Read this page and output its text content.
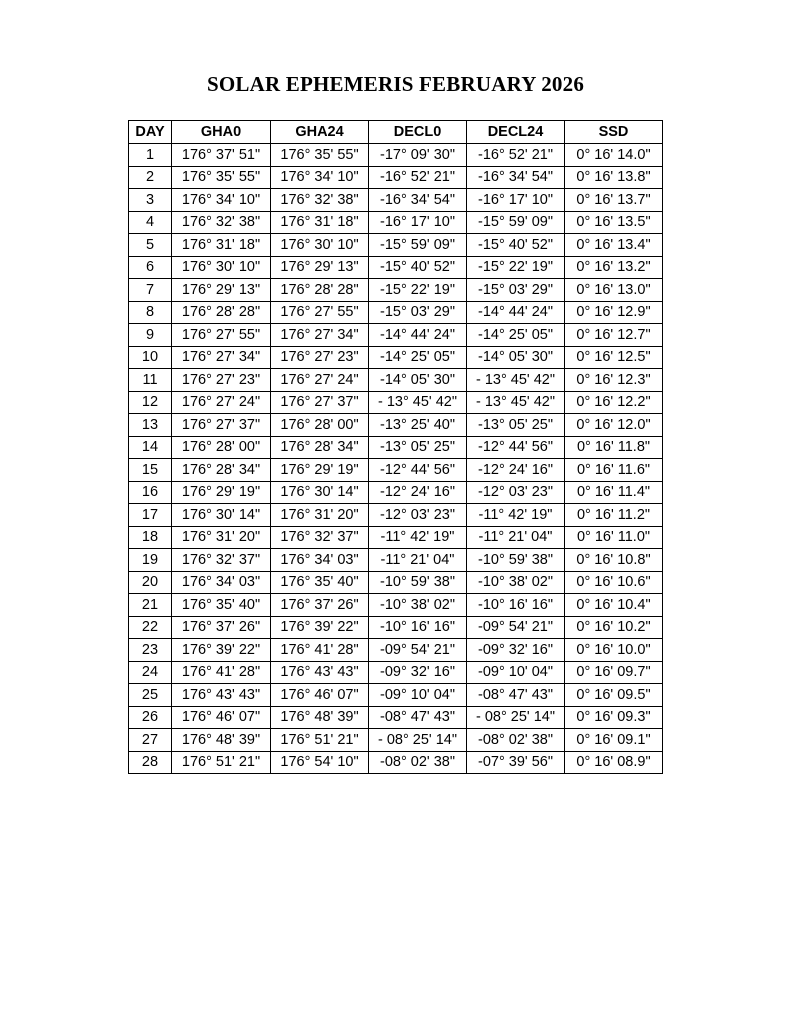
SOLAR EPHEMERIS FEBRUARY 2026
DAY	GHA0	GHA24	DECL0	DECL24	SSD
1	176° 37' 51"	176° 35' 55"	-17° 09' 30"	-16° 52' 21"	0° 16' 14.0"
2	176° 35' 55"	176° 34' 10"	-16° 52' 21"	-16° 34' 54"	0° 16' 13.8"
3	176° 34' 10"	176° 32' 38"	-16° 34' 54"	-16° 17' 10"	0° 16' 13.7"
4	176° 32' 38"	176° 31' 18"	-16° 17' 10"	-15° 59' 09"	0° 16' 13.5"
5	176° 31' 18"	176° 30' 10"	-15° 59' 09"	-15° 40' 52"	0° 16' 13.4"
6	176° 30' 10"	176° 29' 13"	-15° 40' 52"	-15° 22' 19"	0° 16' 13.2"
7	176° 29' 13"	176° 28' 28"	-15° 22' 19"	-15° 03' 29"	0° 16' 13.0"
8	176° 28' 28"	176° 27' 55"	-15° 03' 29"	-14° 44' 24"	0° 16' 12.9"
9	176° 27' 55"	176° 27' 34"	-14° 44' 24"	-14° 25' 05"	0° 16' 12.7"
10	176° 27' 34"	176° 27' 23"	-14° 25' 05"	-14° 05' 30"	0° 16' 12.5"
11	176° 27' 23"	176° 27' 24"	-14° 05' 30"	- 13° 45' 42"	0° 16' 12.3"
12	176° 27' 24"	176° 27' 37"	- 13° 45' 42"	- 13° 45' 42"	0° 16' 12.2"
13	176° 27' 37"	176° 28' 00"	-13° 25' 40"	-13° 05' 25"	0° 16' 12.0"
14	176° 28' 00"	176° 28' 34"	-13° 05' 25"	-12° 44' 56"	0° 16' 11.8"
15	176° 28' 34"	176° 29' 19"	-12° 44' 56"	-12° 24' 16"	0° 16' 11.6"
16	176° 29' 19"	176° 30' 14"	-12° 24' 16"	-12° 03' 23"	0° 16' 11.4"
17	176° 30' 14"	176° 31' 20"	-12° 03' 23"	-11° 42' 19"	0° 16' 11.2"
18	176° 31' 20"	176° 32' 37"	-11° 42' 19"	-11° 21' 04"	0° 16' 11.0"
19	176° 32' 37"	176° 34' 03"	-11° 21' 04"	-10° 59' 38"	0° 16' 10.8"
20	176° 34' 03"	176° 35' 40"	-10° 59' 38"	-10° 38' 02"	0° 16' 10.6"
21	176° 35' 40"	176° 37' 26"	-10° 38' 02"	-10° 16' 16"	0° 16' 10.4"
22	176° 37' 26"	176° 39' 22"	-10° 16' 16"	-09° 54' 21"	0° 16' 10.2"
23	176° 39' 22"	176° 41' 28"	-09° 54' 21"	-09° 32' 16"	0° 16' 10.0"
24	176° 41' 28"	176° 43' 43"	-09° 32' 16"	-09° 10' 04"	0° 16' 09.7"
25	176° 43' 43"	176° 46' 07"	-09° 10' 04"	-08° 47' 43"	0° 16' 09.5"
26	176° 46' 07"	176° 48' 39"	-08° 47' 43"	- 08° 25' 14"	0° 16' 09.3"
27	176° 48' 39"	176° 51' 21"	- 08° 25' 14"	-08° 02' 38"	0° 16' 09.1"
28	176° 51' 21"	176° 54' 10"	-08° 02' 38"	-07° 39' 56"	0° 16' 08.9"
